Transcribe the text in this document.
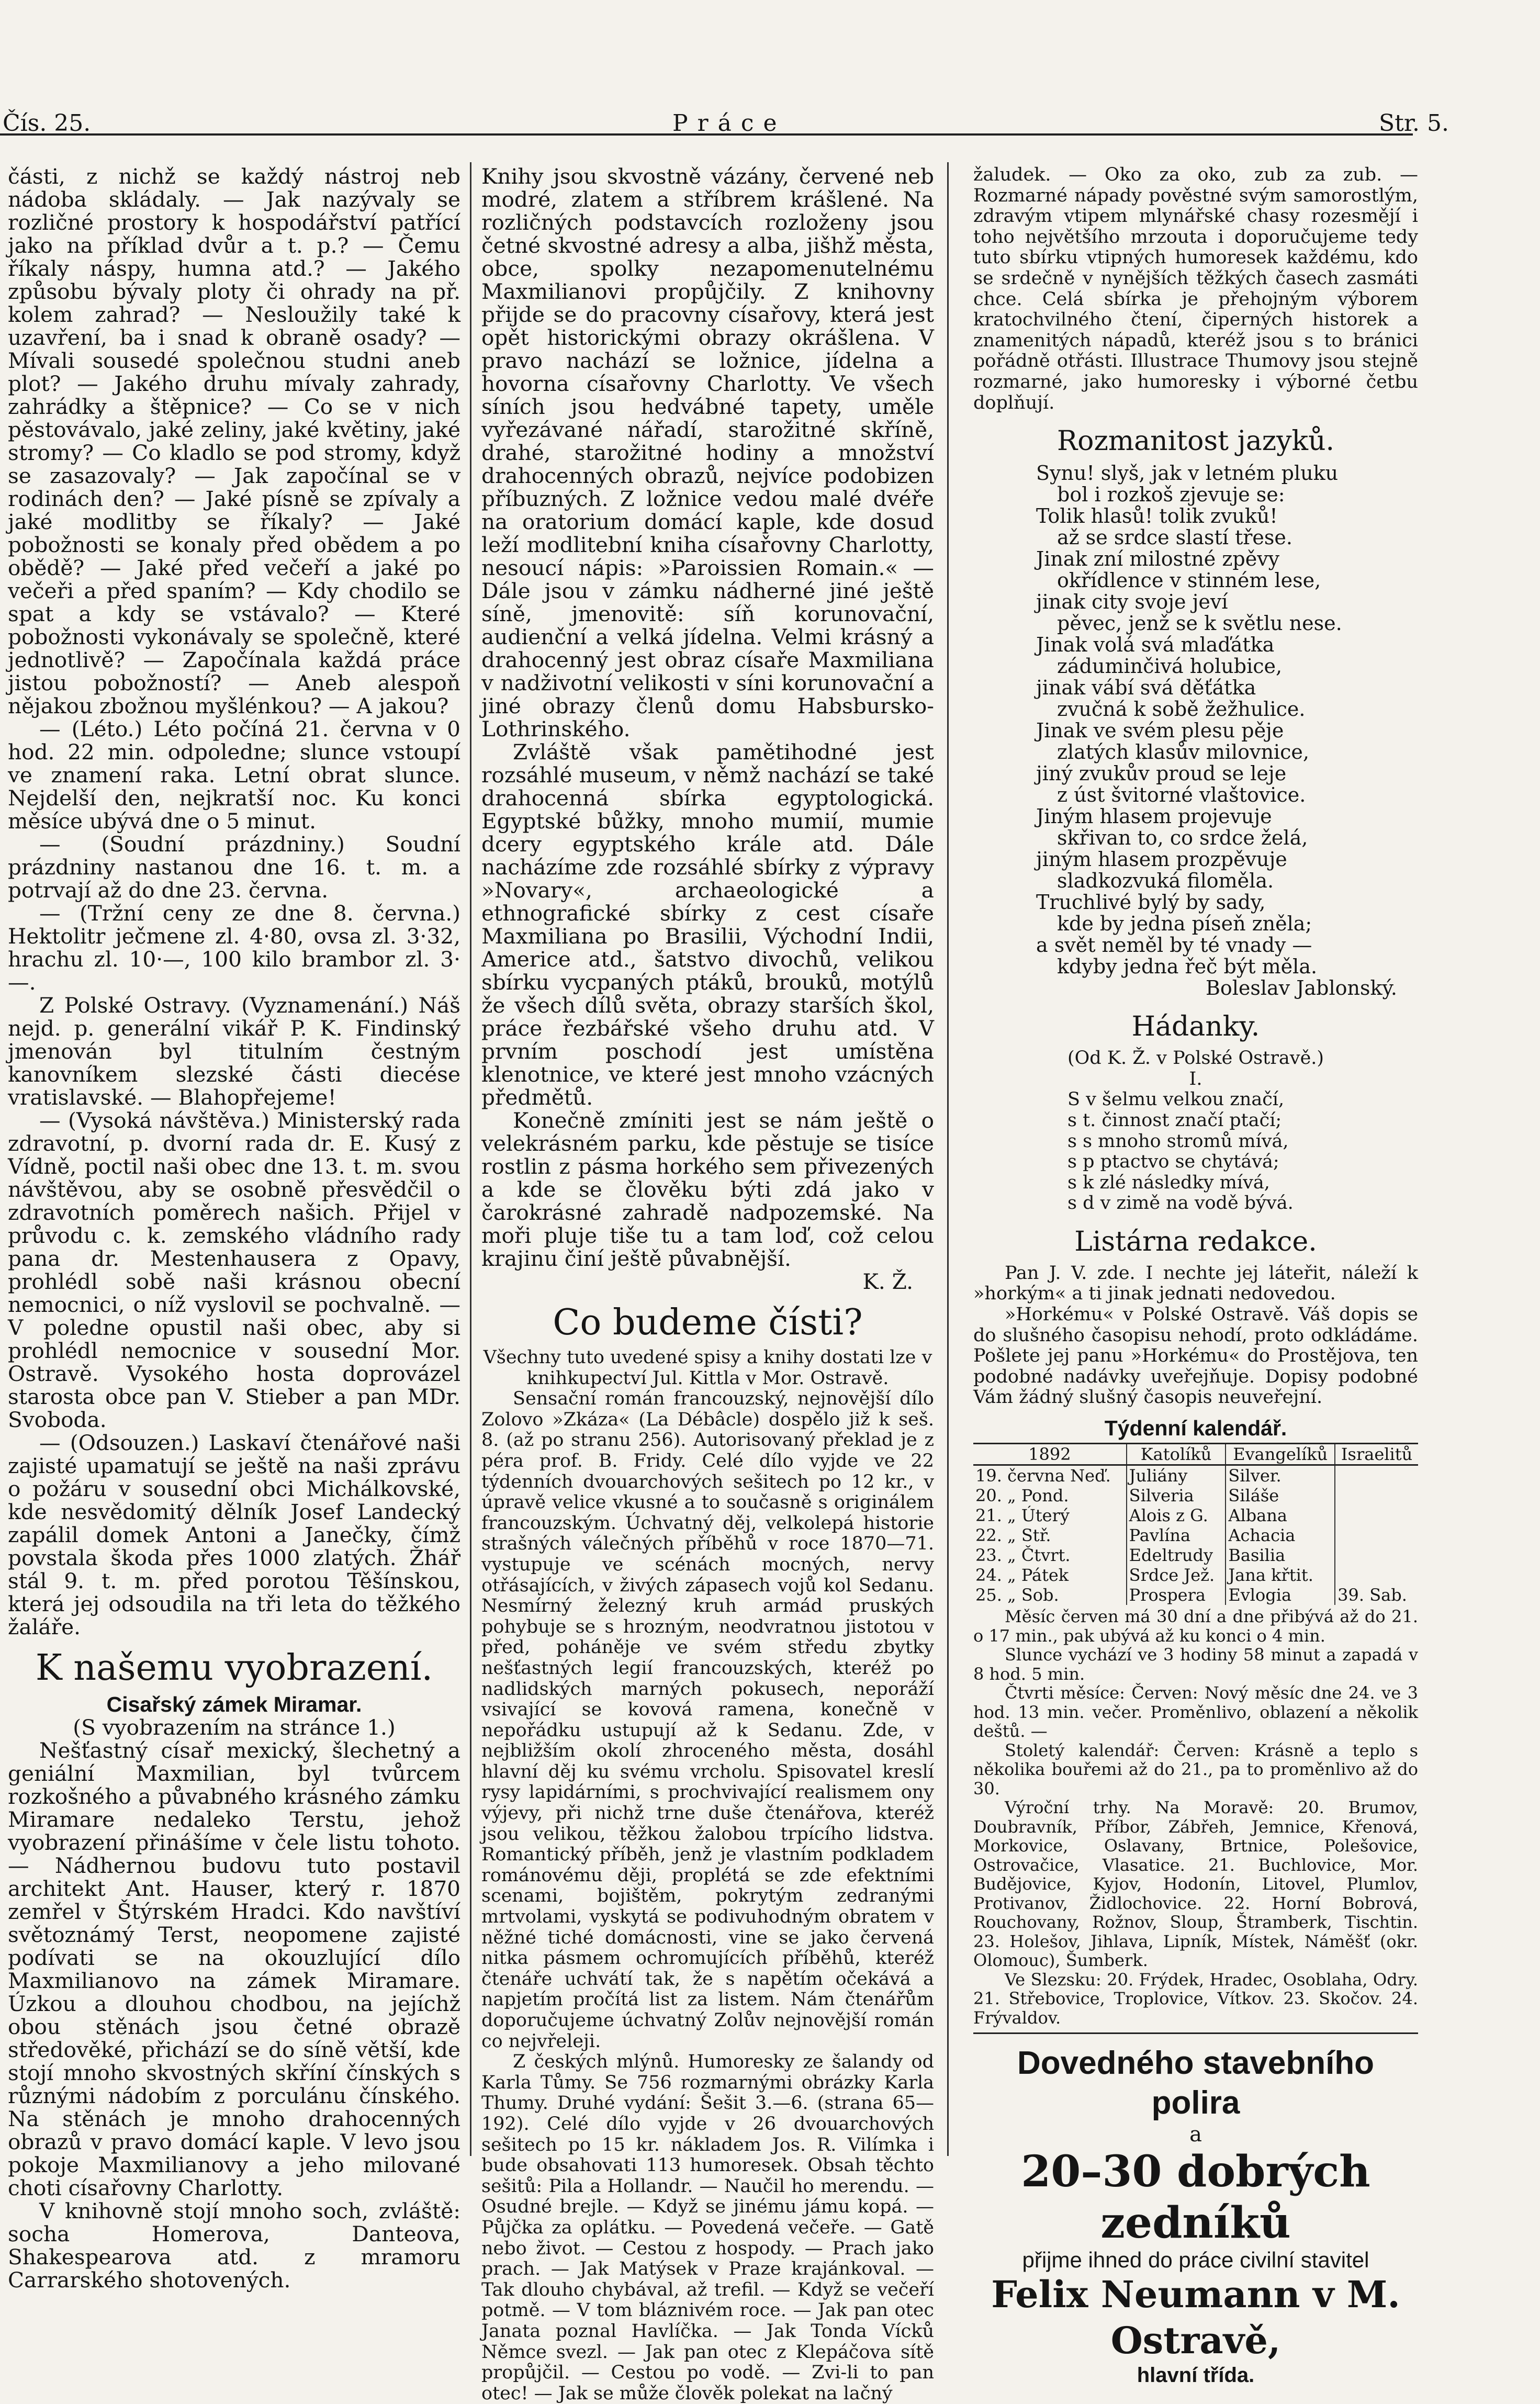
Čís. 25.	Práce	Str. 5.

části, z nichž se každý nástroj neb nádoba skládaly. — Jak nazývaly se rozličné prostory k hospodářství patřící jako na příklad dvůr a t. p.? — Čemu říkaly náspy, humna atd.? — Jakého způsobu bývaly ploty či ohrady na př. kolem zahrad? — Nesloužily také k uzavření, ba i snad k obraně osady? — Mívali sousedé společnou studni aneb plot? — Jakého druhu mívaly zahrady, zahrádky a štěpnice? — Co se v nich pěstovávalo, jaké zeliny, jaké květiny, jaké stromy? — Co kladlo se pod stromy, když se zasazovaly? — Jak započínal se v rodinách den? — Jaké písně se zpívaly a jaké modlitby se říkaly? — Jaké pobožnosti se konaly před obědem a po obědě? — Jaké před večeří a jaké po večeři a před spaním? — Kdy chodilo se spat a kdy se vstávalo? — Které pobožnosti vykonávaly se společně, které jednotlivě? — Započínala každá práce jistou pobožností? — Aneb alespoň nějakou zbožnou myšlénkou? — A jakou?

— (Léto.) Léto počíná 21. června v 0 hod. 22 min. odpoledne; slunce vstoupí ve znamení raka. Letní obrat slunce. Nejdelší den, nejkratší noc. Ku konci měsíce ubývá dne o 5 minut.

— (Soudní prázdniny.) Soudní prázdniny nastanou dne 16. t. m. a potrvají až do dne 23. června.

— (Tržní ceny ze dne 8. června.) Hektolitr ječmene zl. 4·80, ovsa zl. 3·32, hrachu zl. 10·—, 100 kilo brambor zl. 3·—.

Z Polské Ostravy. (Vyznamenání.) Náš nejd. p. generální vikář P. K. Findinský jmenován byl titulním čestným kanovníkem slezské části diecése vratislavské. — Blahopřejeme!

— (Vysoká návštěva.) Ministerský rada zdravotní, p. dvorní rada dr. E. Kusý z Vídně, poctil naši obec dne 13. t. m. svou návštěvou, aby se osobně přesvědčil o zdravotních poměrech našich. Přijel v průvodu c. k. zemského vládního rady pana dr. Mestenhausera z Opavy, prohlédl sobě naši krásnou obecní nemocnici, o níž vyslovil se pochvalně. — V poledne opustil naši obec, aby si prohlédl nemocnice v sousední Mor. Ostravě. Vysokého hosta doprovázel starosta obce pan V. Stieber a pan MDr. Svoboda.

— (Odsouzen.) Laskaví čtenářové naši zajisté upamatují se ještě na naši zprávu o požáru v sousední obci Michálkovské, kde nesvědomitý dělník Josef Landecký zapálil domek Antoni a Janečky, čímž povstala škoda přes 1000 zlatých. Žhář stál 9. t. m. před porotou Těšínskou, která jej odsoudila na tři leta do těžkého žaláře.

K našemu vyobrazení.
Cisařský zámek Miramar.

(S vyobrazením na stránce 1.)

Nešťastný císař mexický, šlechetný a geniální Maxmilian, byl tvůrcem rozkošného a půvabného krásného zámku Miramare nedaleko Terstu, jehož vyobrazení přinášíme v čele listu tohoto. — Nádhernou budovu tuto postavil architekt Ant. Hauser, který r. 1870 zemřel v Štýrském Hradci. Kdo navštíví světoznámý Terst, neopomene zajisté podívati se na okouzlující dílo Maxmilianovo na zámek Miramare. Úzkou a dlouhou chodbou, na jejíchž obou stěnách jsou četné obrazě středověké, přichází se do síně větší, kde stojí mnoho skvostných skříní čínských s různými nádobím z porculánu čínského. Na stěnách je mnoho drahocenných obrazů v pravo domácí kaple. V levo jsou pokoje Maxmilianovy a jeho milované choti císařovny Charlotty.

V knihovně stojí mnoho soch, zvláště: socha Homerova, Danteova, Shakespearova atd. z mramoru Carrarského shotovených.

Knihy jsou skvostně vázány, červené neb modré, zlatem a stříbrem krášlené. Na rozličných podstavcích rozloženy jsou četné skvostné adresy a alba, jišhž města, obce, spolky nezapomenutelnému Maxmilianovi propůjčily. Z knihovny přijde se do pracovny císařovy, která jest opět historickými obrazy okrášlena. V pravo nachází se ložnice, jídelna a hovorna císařovny Charlotty. Ve všech síních jsou hedvábné tapety, uměle vyřezávané nářadí, starožitné skříně, drahé, starožitné hodiny a množství drahocenných obrazů, nejvíce podobizen příbuzných. Z ložnice vedou malé dvéře na oratorium domácí kaple, kde dosud leží modlitební kniha císařovny Charlotty, nesoucí nápis: »Paroissien Romain.« — Dále jsou v zámku nádherné jiné ještě síně, jmenovitě: síň korunovační, audienční a velká jídelna. Velmi krásný a drahocenný jest obraz císaře Maxmiliana v nadživotní velikosti v síni korunovační a jiné obrazy členů domu Habsbursko-Lothrinského.

Zvláště však pamětihodné jest rozsáhlé museum, v němž nachází se také drahocenná sbírka egyptologická. Egyptské bůžky, mnoho mumií, mumie dcery egyptského krále atd. Dále nacházíme zde rozsáhlé sbírky z výpravy »Novary«, archaeologické a ethnografické sbírky z cest císaře Maxmiliana po Brasilii, Východní Indii, Americe atd., šatstvo divochů, velikou sbírku vycpaných ptáků, brouků, motýlů že všech dílů světa, obrazy starších škol, práce řezbářské všeho druhu atd. V prvním poschodí jest umístěna klenotnice, ve které jest mnoho vzácných předmětů.

Konečně zmíniti jest se nám ještě o velekrásném parku, kde pěstuje se tisíce rostlin z pásma horkého sem přivezených a kde se člověku býti zdá jako v čarokrásné zahradě nadpozemské. Na moři pluje tiše tu a tam loď, což celou krajinu činí ještě půvabnější.

K. Ž.

Co budeme čísti?

Všechny tuto uvedené spisy a knihy dostati lze v knihkupectví Jul. Kittla v Mor. Ostravě.

Sensační román francouzský, nejnovější dílo Zolovo »Zkáza« (La Débâcle) dospělo již k seš. 8. (až po stranu 256). Autorisovaný překlad je z péra prof. B. Fridy. Celé dílo vyjde ve 22 týdenních dvouarchových sešitech po 12 kr., v úpravě velice vkusné a to současně s originálem francouzským. Úchvatný děj, velkolepá historie strašných válečných příběhů v roce 1870—71. vystupuje ve scénách mocných, nervy otřásajících, v živých zápasech vojů kol Sedanu. Nesmírný železný kruh armád pruských pohybuje se s hrozným, neodvratnou jistotou v před, poháněje ve svém středu zbytky nešťastných legií francouzských, kteréž po nadlidských marných pokusech, neporáží vsivající se kovová ramena, konečně v nepořádku ustupují až k Sedanu. Zde, v nejbližším okolí zhroceného města, dosáhl hlavní děj ku svému vrcholu. Spisovatel kreslí rysy lapidárními, s prochvivající realismem ony výjevy, při nichž trne duše čtenářova, kteréž jsou velikou, těžkou žalobou trpícího lidstva. Romantický příběh, jenž je vlastním podkladem románovému ději, proplétá se zde efektními scenami, bojištěm, pokrytým zedranými mrtvolami, vyskytá se podivuhodným obratem v něžné tiché domácnosti, vine se jako červená nitka pásmem ochromujících příběhů, kteréž čtenáře uchvátí tak, že s napětím očekává a napjetím pročítá list za listem. Nám čtenářům doporučujeme úchvatný Zolův nejnovější román co nejvřeleji.

Z českých mlýnů. Humoresky ze šalandy od Karla Tůmy. Se 756 rozmarnými obrázky Karla Thumy. Druhé vydání: Šešit 3.—6. (strana 65—192). Celé dílo vyjde v 26 dvouarchových sešitech po 15 kr. nákladem Jos. R. Vilímka i bude obsahovati 113 humoresek. Obsah těchto sešitů: Pila a Hollandr. — Naučil ho merendu. — Osudné brejle. — Když se jinému jámu kopá. — Půjčka za oplátku. — Povedená večeře. — Gatě nebo život. — Cestou z hospody. — Prach jako prach. — Jak Matýsek v Praze krajánkoval. — Tak dlouho chybával, až trefil. — Když se večeří potmě. — V tom bláznivém roce. — Jak pan otec Janata poznal Havlíčka. — Jak Tonda Vícků Němce svezl. — Jak pan otec z Klepáčova sítě propůjčil. — Cestou po vodě. — Zvi-li to pan otec! — Jak se může člověk polekat na lačný

žaludek. — Oko za oko, zub za zub. — Rozmarné nápady pověstné svým samorostlým, zdravým vtipem mlynářské chasy rozesmějí i toho největšího mrzouta i doporučujeme tedy tuto sbírku vtipných humoresek každému, kdo se srdečně v nynějších těžkých časech zasmáti chce. Celá sbírka je přehojným výborem kratochvilného čtení, čiperných historek a znamenitých nápadů, kteréž jsou s to bránici pořádně otřásti. Illustrace Thumovy jsou stejně rozmarné, jako humoresky i výborné četbu doplňují.

Rozmanitost jazyků.

Synu! slyš, jak v letném pluku

bol i rozkoš zjevuje se:

Tolik hlasů! tolik zvuků!

až se srdce slastí třese.

Jinak zní milostné zpěvy

okřídlence v stinném lese,

jinak city svoje jeví

pěvec, jenž se k světlu nese.

Jinak volá svá mlaďátka

záduminčivá holubice,

jinak vábí svá děťátka

zvučná k sobě žežhulice.

Jinak ve svém plesu pěje

zlatých klasův milovnice,

jiný zvukův proud se leje

z úst švitorné vlaštovice.

Jiným hlasem projevuje

skřivan to, co srdce želá,

jiným hlasem prozpěvuje

sladkozvuká filoměla.

Truchlivé bylý by sady,

kde by jedna píseň zněla;

a svět neměl by té vnady —

kdyby jedna řeč být měla.

Boleslav Jablonský.

Hádanky.

(Od K. Ž. v Polské Ostravě.)

I.

S v šelmu velkou značí,

s t. činnost značí ptačí;

s s mnoho stromů mívá,

s p ptactvo se chytává;

s k zlé následky mívá,

s d v zimě na vodě bývá.

Listárna redakce.

Pan J. V. zde. I nechte jej láteřit, náleží k »horkým« a ti jinak jednati nedovedou.

»Horkému« v Polské Ostravě. Váš dopis se do slušného časopisu nehodí, proto odkládáme. Pošlete jej panu »Horkému« do Prostějova, ten podobné nadávky uveřejňuje. Dopisy podobné Vám žádný slušný časopis neuveřejní.

Týdenní kalendář.
1892	Katolíků	Evangelíků	Israelitů
19. června Neď.	Juliány	Silver.	
20. „ Pond.	Silveria	Siláše	
21. „ Úterý	Alois z G.	Albana	
22. „ Stř.	Pavlína	Achacia	
23. „ Čtvrt.	Edeltrudy	Basilia	
24. „ Pátek	Srdce Jež.	Jana křtit.	
25. „ Sob.	Prospera	Evlogia	39. Sab.

Měsíc červen má 30 dní a dne přibývá až do 21. o 17 min., pak ubývá až ku konci o 4 min.

Slunce vychází ve 3 hodiny 58 minut a zapadá v 8 hod. 5 min.

Čtvrti měsíce: Červen: Nový měsíc dne 24. ve 3 hod. 13 min. večer. Proměnlivo, oblazení a několik deštů. —

Stoletý kalendář: Červen: Krásně a teplo s několika bouřemi až do 21., pa to proměnlivo až do 30.

Výroční trhy. Na Moravě: 20. Brumov, Doubravník, Příbor, Zábřeh, Jemnice, Křenová, Morkovice, Oslavany, Brtnice, Polešovice, Ostrovačice, Vlasatice. 21. Buchlovice, Mor. Budějovice, Kyjov, Hodonín, Litovel, Plumlov, Protivanov, Židlochovice. 22. Horní Bobrová, Rouchovany, Rožnov, Sloup, Štramberk, Tischtin. 23. Holešov, Jihlava, Lipník, Místek, Náměšť (okr. Olomouc), Šumberk.

Ve Slezsku: 20. Frýdek, Hradec, Osoblaha, Odry. 21. Střebovice, Troplovice, Vítkov. 23. Skočov. 24. Frývaldov.

Dovedného stavebního polira
a
20–30 dobrých zedníků
přijme ihned do práce civilní stavitel
Felix Neumann v M. Ostravě,
hlavní třída.
